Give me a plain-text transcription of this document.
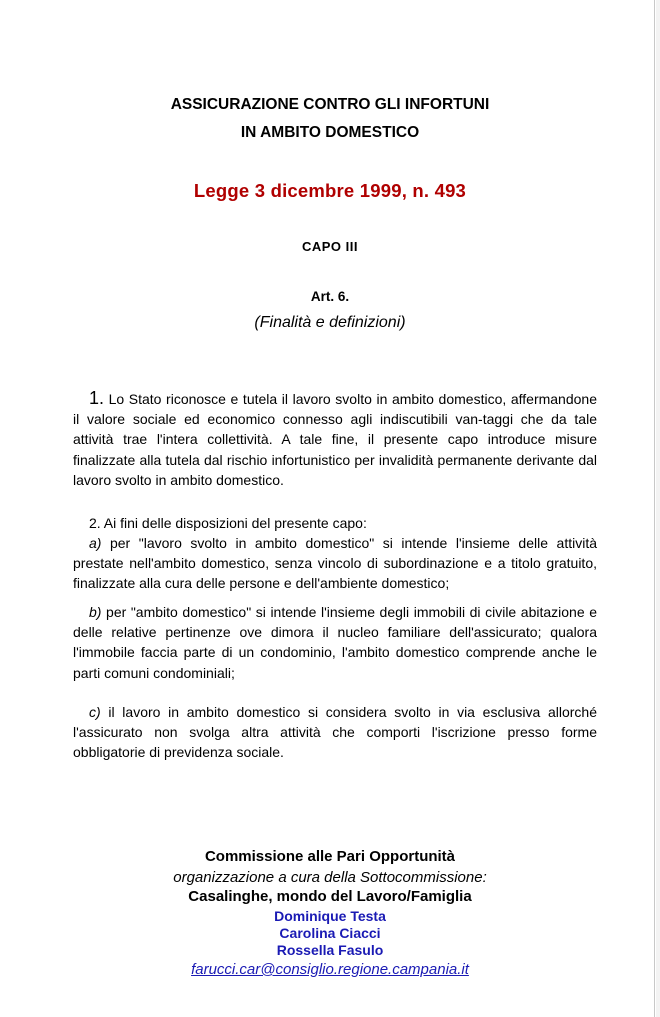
ASSICURAZIONE CONTRO GLI INFORTUNI
IN AMBITO DOMESTICO
Legge 3 dicembre 1999, n. 493
CAPO III
Art. 6.
(Finalità e definizioni)
1. Lo Stato riconosce e tutela il lavoro svolto in ambito domestico, affermandone il valore sociale ed economico connesso agli indiscutibili van-taggi che da tale attività trae l'intera collettività. A tale fine, il presente capo introduce misure finalizzate alla tutela dal rischio infortunistico per invalidità permanente derivante dal lavoro svolto in ambito domestico.
2. Ai fini delle disposizioni del presente capo:
a) per "lavoro svolto in ambito domestico" si intende l'insieme delle attività prestate nell'ambito domestico, senza vincolo di subordinazione e a titolo gratuito, finalizzate alla cura delle persone e dell'ambiente domestico;
b) per "ambito domestico" si intende l'insieme degli immobili di civile abitazione e delle relative pertinenze ove dimora il nucleo familiare dell'assicurato; qualora l'immobile faccia parte di un condominio, l'ambito domestico comprende anche le parti comuni condominiali;
c) il lavoro in ambito domestico si considera svolto in via esclusiva allorché l'assicurato non svolga altra attività che comporti l'iscrizione presso forme obbligatorie di previdenza sociale.
Commissione alle Pari Opportunità
organizzazione a cura della Sottocommissione:
Casalinghe, mondo del Lavoro/Famiglia
Dominique Testa
Carolina Ciacci
Rossella Fasulo
farucci.car@consiglio.regione.campania.it
